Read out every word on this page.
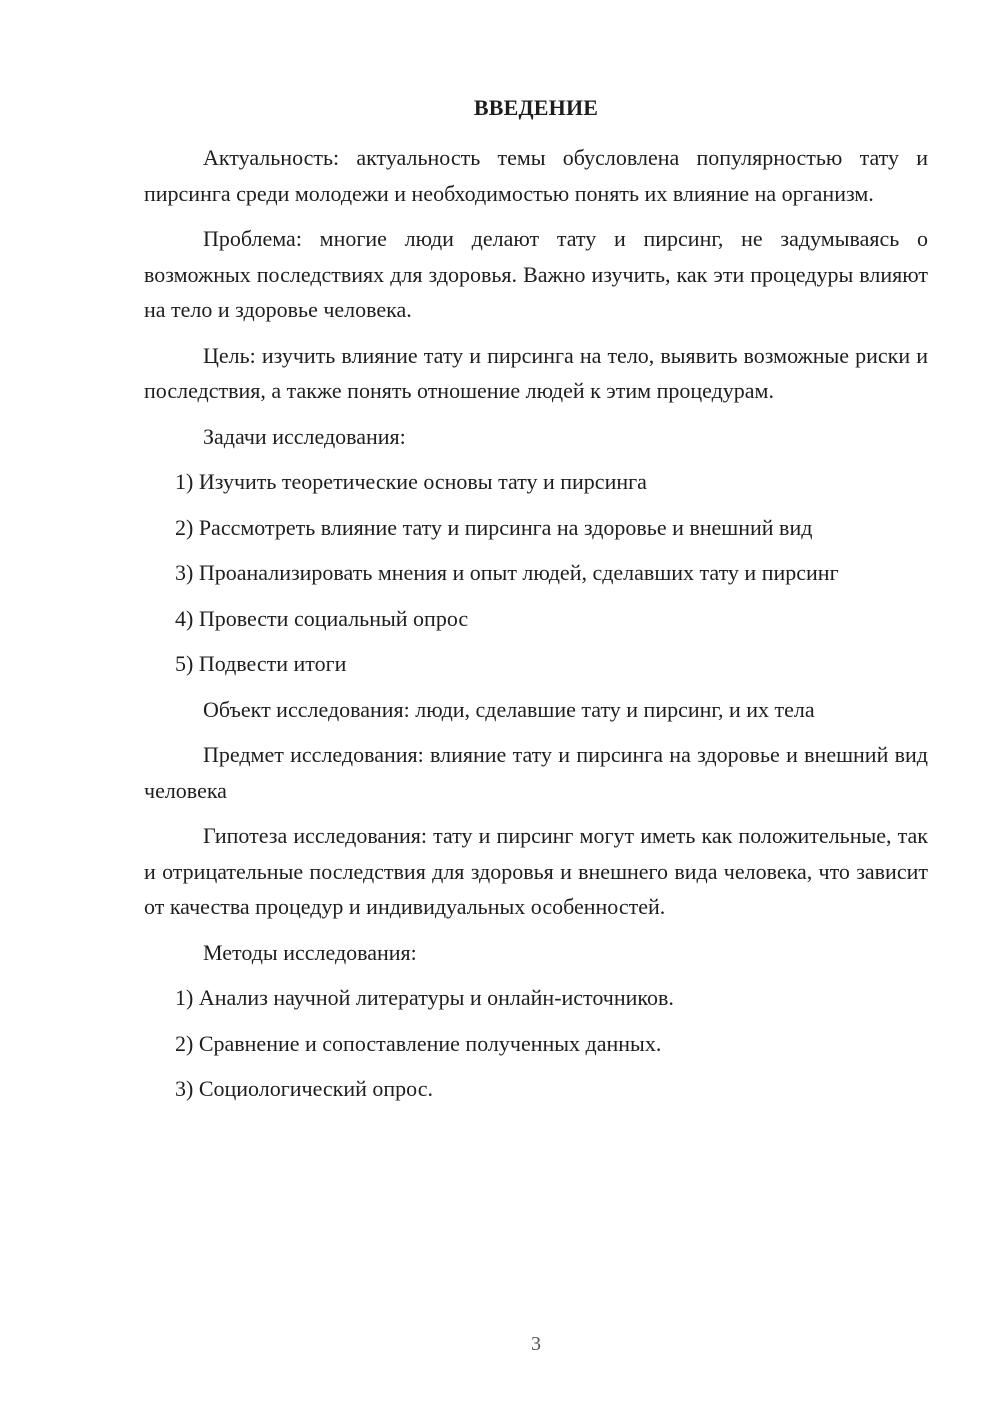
ВВЕДЕНИЕ

Актуальность: актуальность темы обусловлена популярностью тату и пирсинга среди молодежи и необходимостью понять их влияние на организм.

Проблема: многие люди делают тату и пирсинг, не задумываясь о возможных последствиях для здоровья. Важно изучить, как эти процедуры влияют на тело и здоровье человека.

Цель: изучить влияние тату и пирсинга на тело, выявить возможные риски и последствия, а также понять отношение людей к этим процедурам.

Задачи исследования:

1) Изучить теоретические основы тату и пирсинга
2) Рассмотреть влияние тату и пирсинга на здоровье и внешний вид
3) Проанализировать мнения и опыт людей, сделавших тату и пирсинг
4) Провести социальный опрос
5) Подвести итоги

Объект исследования: люди, сделавшие тату и пирсинг, и их тела

Предмет исследования: влияние тату и пирсинга на здоровье и внешний вид человека

Гипотеза исследования: тату и пирсинг могут иметь как положительные, так и отрицательные последствия для здоровья и внешнего вида человека, что зависит от качества процедур и индивидуальных особенностей.

Методы исследования:

1) Анализ научной литературы и онлайн-источников.
2) Сравнение и сопоставление полученных данных.
3) Социологический опрос.
3
